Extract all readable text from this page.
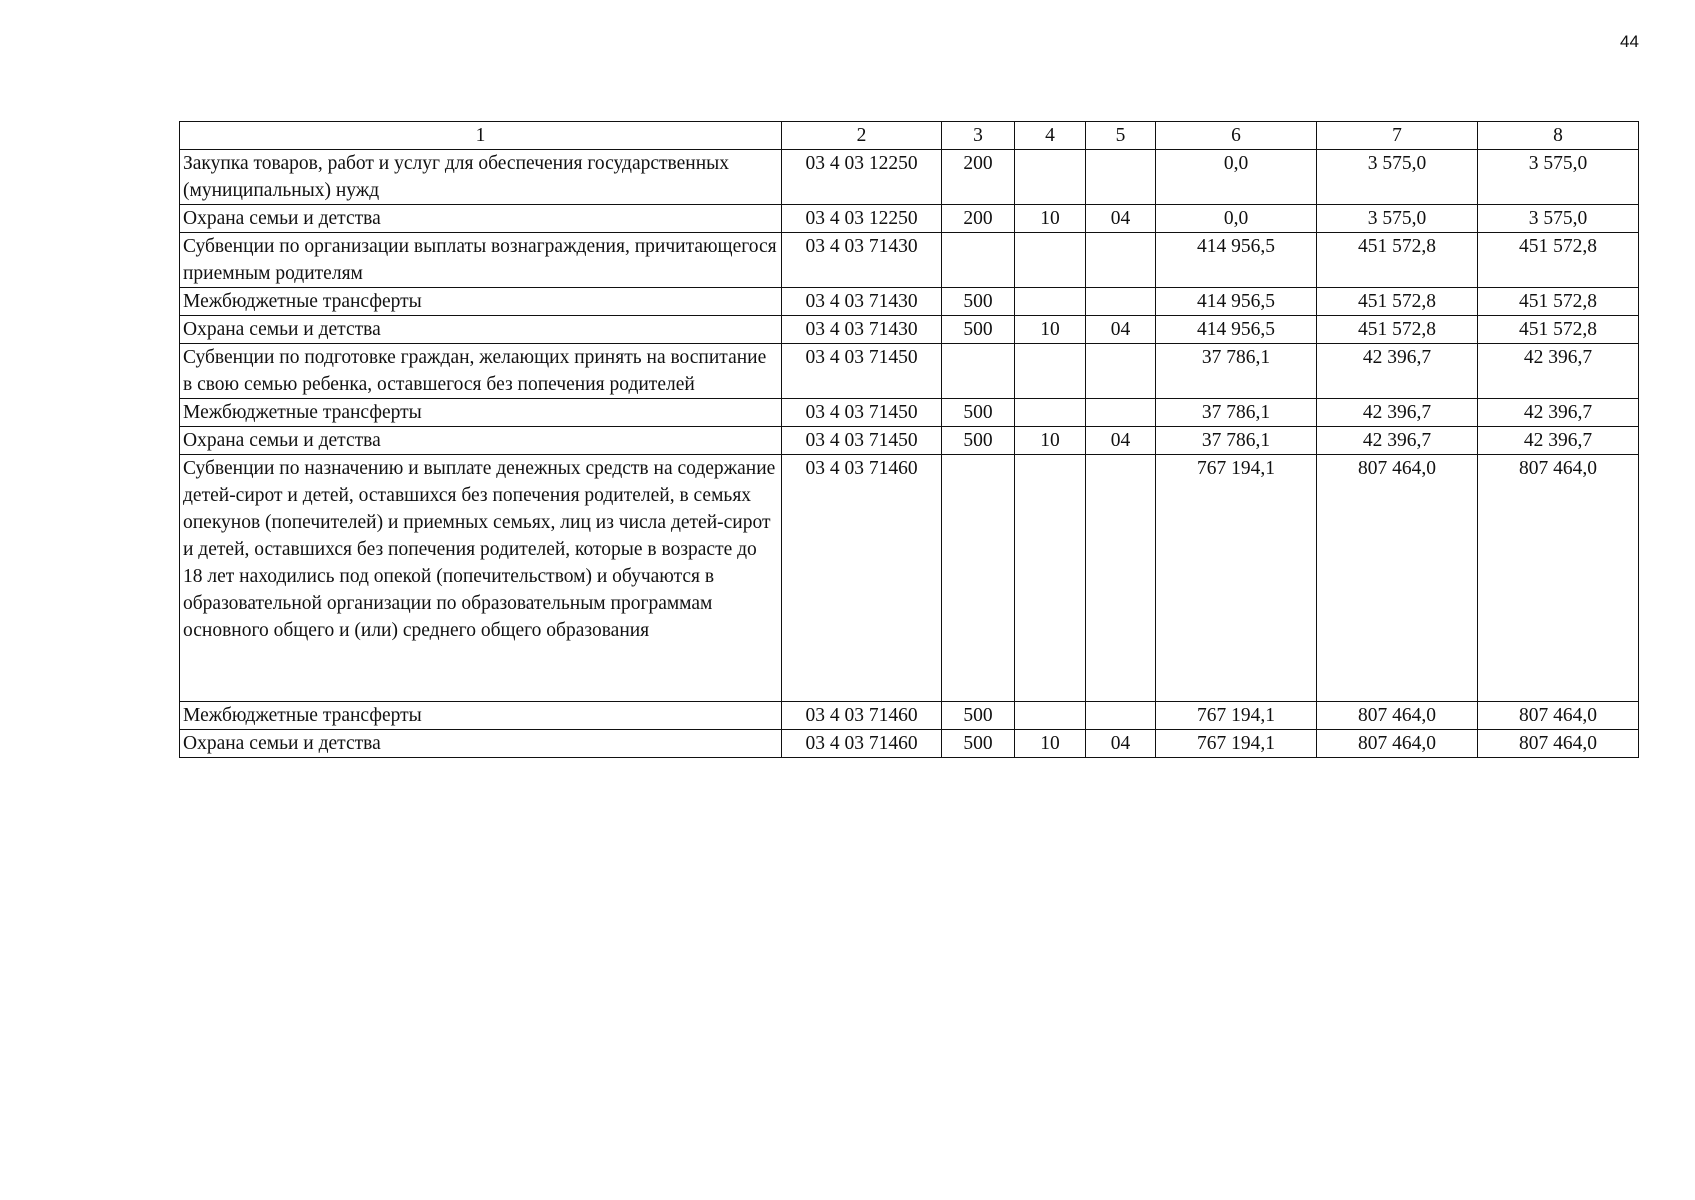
44
1	2	3	4	5	6	7	8
Закупка товаров, работ и услуг для обеспечения государственных (муниципальных) нужд	03 4 03 12250	200			0,0	3 575,0	3 575,0
Охрана семьи и детства	03 4 03 12250	200	10	04	0,0	3 575,0	3 575,0
Субвенции по организации выплаты вознаграждения, причитающегося приемным родителям	03 4 03 71430				414 956,5	451 572,8	451 572,8
Межбюджетные трансферты	03 4 03 71430	500			414 956,5	451 572,8	451 572,8
Охрана семьи и детства	03 4 03 71430	500	10	04	414 956,5	451 572,8	451 572,8
Субвенции по подготовке граждан, желающих принять на воспитание в свою семью ребенка, оставшегося без попечения родителей	03 4 03 71450				37 786,1	42 396,7	42 396,7
Межбюджетные трансферты	03 4 03 71450	500			37 786,1	42 396,7	42 396,7
Охрана семьи и детства	03 4 03 71450	500	10	04	37 786,1	42 396,7	42 396,7
Субвенции по назначению и выплате денежных средств на содержание детей-сирот и детей, оставшихся без попечения родителей, в семьях опекунов (попечителей) и приемных семьях, лиц из числа детей-сирот и детей, оставшихся без попечения родителей, которые в возрасте до 18 лет находились под опекой (попечительством) и обучаются в образовательной организации по образовательным программам основного общего и (или) среднего общего образования	03 4 03 71460				767 194,1	807 464,0	807 464,0
Межбюджетные трансферты	03 4 03 71460	500			767 194,1	807 464,0	807 464,0
Охрана семьи и детства	03 4 03 71460	500	10	04	767 194,1	807 464,0	807 464,0
